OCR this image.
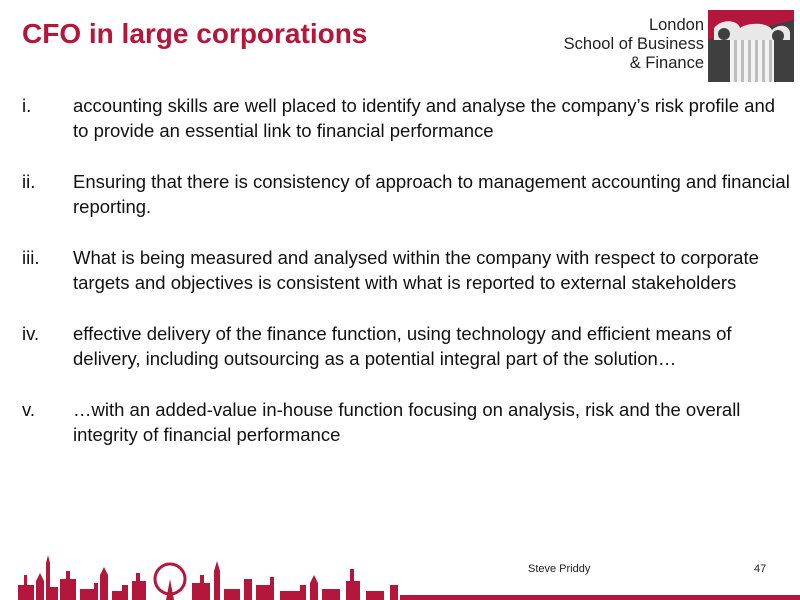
CFO in large corporations	London
School of Business
& Finance
i.	accounting skills are well placed to identify and analyse the company’s risk profile and to provide an essential link to financial performance
ii.	Ensuring that there is consistency of approach to management accounting and financial reporting.
iii.	What is being measured and analysed within the company with respect to corporate targets and objectives is consistent with what is reported to external stakeholders
iv.	effective delivery of the finance function, using technology and efficient means of delivery, including outsourcing as a potential integral part of the solution…
v.	…with an added-value in-house function focusing on analysis, risk and the overall integrity of financial performance
Steve Priddy	47
